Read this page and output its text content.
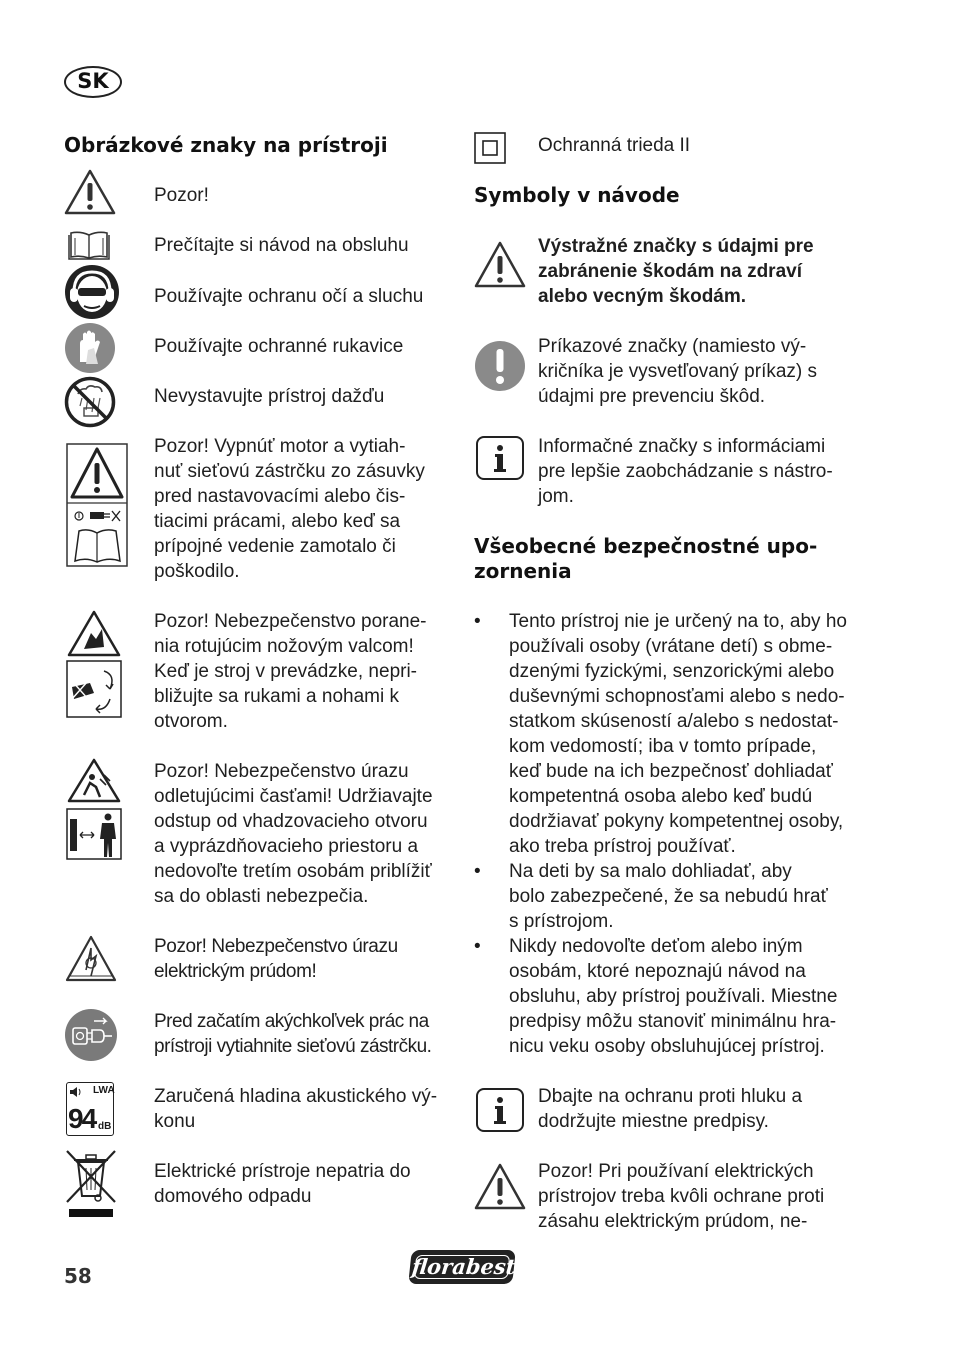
SK
Obrázkové znaky na prístroji
LWA
94 dB
Pozor!
Prečítajte si návod na obsluhu
Používajte ochranu očí a sluchu
Používajte ochranné rukavice
Nevystavujte prístroj dažďu
Pozor! Vypnúť motor a vytiah-
nuť sieťovú zástrčku zo zásuvky
pred nastavovacími alebo čis-
tiacimi prácami, alebo keď sa
prípojné vedenie zamotalo či
poškodilo.
Pozor! Nebezpečenstvo porane-
nia rotujúcim nožovým valcom!
Keď je stroj v prevádzke, nepri-
bližujte sa rukami a nohami k
otvorom.
Pozor! Nebezpečenstvo úrazu
odletujúcimi časťami! Udržiavajte
odstup od vhadzovacieho otvoru
a vyprázdňovacieho priestoru a
nedovoľte tretím osobám priblížiť
sa do oblasti nebezpečia.
Pozor! Nebezpečenstvo úrazu
elektrickým prúdom!
Pred začatím akýchkoľvek prác na
prístroji vytiahnite sieťovú zástrčku.
Zaručená hladina akustického vý-
konu
Elektrické prístroje nepatria do
domového odpadu
Ochranná trieda II
Symboly v návode
Výstražné značky s údajmi pre
zabránenie škodám na zdraví
alebo vecným škodám.
Príkazové značky (namiesto vý-
kričníka je vysvetľovaný príkaz) s
údajmi pre prevenciu škôd.
Informačné značky s informáciami
pre lepšie zaobchádzanie s nástro-
jom.
Všeobecné bezpečnostné upo-
zornenia
• Tento prístroj nie je určený na to, aby ho
používali osoby (vrátane detí) s obme-
dzenými fyzickými, senzorickými alebo
duševnými schopnosťami alebo s nedo-
statkom skúseností a/alebo s nedostat-
kom vedomostí; iba v tomto prípade,
keď bude na ich bezpečnosť dohliadať
kompetentná osoba alebo keď budú
dodržiavať pokyny kompetentnej osoby,
ako treba prístroj používať.
• Na deti by sa malo dohliadať, aby
bolo zabezpečené, že sa nebudú hrať
s prístrojom.
• Nikdy nedovoľte deťom alebo iným
osobám, ktoré nepoznajú návod na
obsluhu, aby prístroj používali. Miestne
predpisy môžu stanoviť minimálnu hra-
nicu veku osoby obsluhujúcej prístroj.
Dbajte na ochranu proti hluku a
dodržujte miestne predpisy.
Pozor! Pri používaní elektrických
prístrojov treba kvôli ochrane proti
zásahu elektrickým prúdom, ne-
58	florabest
